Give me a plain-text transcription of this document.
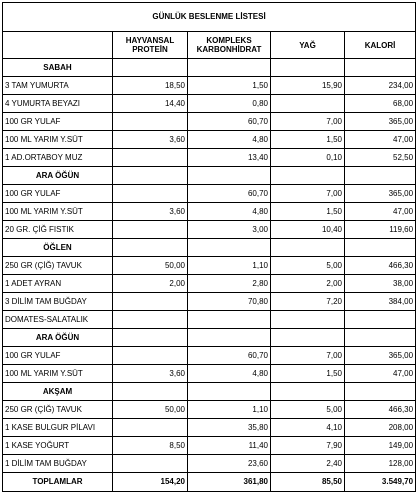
GÜNLÜK BESLENME LİSTESİ				
	HAYVANSAL PROTEİN	KOMPLEKS KARBONHİDRAT	YAĞ	KALORİ
SABAH				
3 TAM YUMURTA	18,50	1,50	15,90	234,00
4 YUMURTA BEYAZI	14,40	0,80		68,00
100 GR YULAF		60,70	7,00	365,00
100 ML YARIM Y.SÜT	3,60	4,80	1,50	47,00
1 AD.ORTABOY MUZ		13,40	0,10	52,50
ARA ÖĞÜN				
100 GR YULAF		60,70	7,00	365,00
100 ML YARIM Y.SÜT	3,60	4,80	1,50	47,00
20 GR. ÇİĞ FISTIK		3,00	10,40	119,60
ÖĞLEN				
250 GR (ÇİĞ) TAVUK	50,00	1,10	5,00	466,30
1 ADET AYRAN	2,00	2,80	2,00	38,00
3 DİLİM TAM BUĞDAY		70,80	7,20	384,00
DOMATES-SALATALIK				
ARA ÖĞÜN				
100 GR YULAF		60,70	7,00	365,00
100 ML YARIM Y.SÜT	3,60	4,80	1,50	47,00
AKŞAM				
250 GR (ÇİĞ) TAVUK	50,00	1,10	5,00	466,30
1 KASE BULGUR PİLAVI		35,80	4,10	208,00
1 KASE YOĞURT	8,50	11,40	7,90	149,00
1 DİLİM TAM BUĞDAY		23,60	2,40	128,00
TOPLAMLAR	154,20	361,80	85,50	3.549,70
